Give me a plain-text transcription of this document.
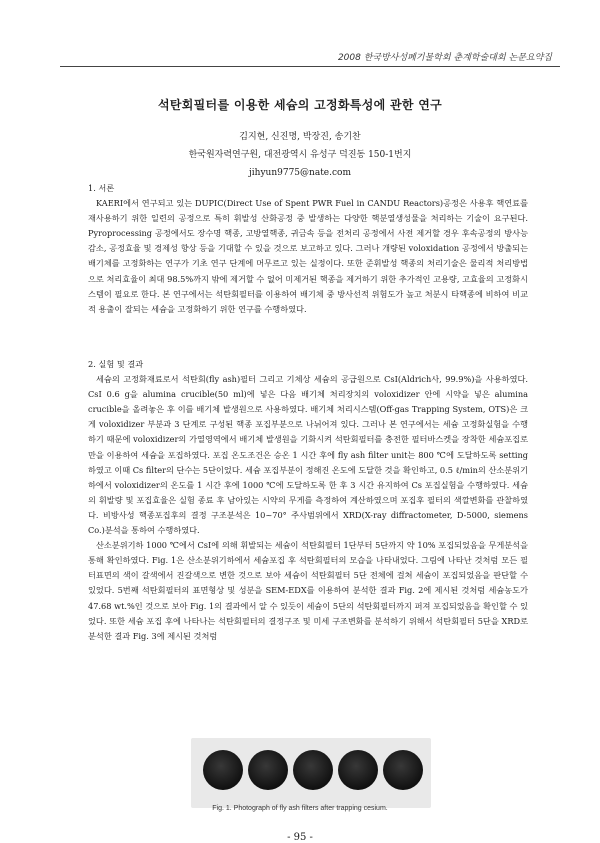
2008 한국방사성폐기물학회 춘계학술대회 논문요약집
석탄회필터를 이용한 세슘의 고정화특성에 관한 연구
김지현, 신진명, 박장진, 송기찬
한국원자력연구원, 대전광역시 유성구 덕진동 150-1번지
jihyun9775@nate.com

1. 서론

KAERI에서 연구되고 있는 DUPIC(Direct Use of Spent PWR Fuel in CANDU Reactors)공정은 사용후 핵연료를 재사용하기 위한 일련의 공정으로 특히 휘발성 산화공정 중 발생하는 다양한 핵분열생성물을 처리하는 기술이 요구된다. Pyroprocessing 공정에서도 장수명 핵종, 고방열핵종, 귀금속 등을 전처리 공정에서 사전 제거할 경우 후속공정의 방사능 감소, 공정효율 및 경제성 향상 등을 기대할 수 있을 것으로 보고하고 있다. 그러나 개량된 voloxidation 공정에서 방출되는 배기체를 고정화하는 연구가 기초 연구 단계에 머무르고 있는 실정이다. 또한 준휘발성 핵종의 처리기술은 물리적 처리방법으로 처리효율이 최대 98.5%까지 밖에 제거할 수 없어 미제거된 핵종을 제거하기 위한 추가적인 고용량, 고효율의 고정화시스템이 필요로 한다. 본 연구에서는 석탄회필터를 이용하여 배기체 중 방사선적 위험도가 높고 처분시 타핵종에 비하여 비교적 용출이 잘되는 세슘을 고정화하기 위한 연구를 수행하였다.

2. 실험 및 결과

세슘의 고정화재료로서 석탄회(fly ash)필터 그리고 기체상 세슘의 공급원으로 CsI(Aldrich사, 99.9%)을 사용하였다. CsI 0.6 g을 alumina crucible(50 ml)에 넣은 다음 배기체 처리장치의 voloxidizer 안에 시약을 넣은 alumina crucible을 올려놓은 후 이를 배기체 발생원으로 사용하였다. 배기체 처리시스템(Off-gas Trapping System, OTS)은 크게 voloxidizer 부분과 3 단계로 구성된 핵종 포집부분으로 나뉘어져 있다. 그러나 본 연구에서는 세슘 고정화실험을 수행하기 때문에 voloxidizer의 가열영역에서 배기체 발생원을 기화시켜 석탄회필터를 충전한 필터바스켓을 장착한 세슘포집로만을 이용하여 세슘을 포집하였다. 포집 온도조건은 승온 1 시간 후에 fly ash filter unit는 800 ℃에 도달하도록 setting하였고 이때 Cs filter의 단수는 5단이었다. 세슘 포집부분이 정해진 온도에 도달한 것을 확인하고, 0.5 ℓ/min의 산소분위기하에서 voloxidizer의 온도를 1 시간 후에 1000 ℃에 도달하도록 한 후 3 시간 유지하여 Cs 포집실험을 수행하였다. 세슘의 휘발량 및 포집효율은 실험 종료 후 남아있는 시약의 무게를 측정하여 계산하였으며 포집후 필터의 색깔변화를 관찰하였다. 비방사성 핵종포집후의 결정 구조분석은 10~70° 주사범위에서 XRD(X-ray diffractometer, D-5000, siemens Co.)분석을 통하여 수행하였다.

산소분위기하 1000 ℃에서 CsI에 의해 휘발되는 세슘이 석탄회필터 1단부터 5단까지 약 10% 포집되었음을 무게분석을 통해 확인하였다. Fig. 1은 산소분위기하에서 세슘포집 후 석탄회필터의 모습을 나타내었다. 그림에 나타난 것처럼 모든 필터표면의 색이 갈색에서 진갈색으로 변한 것으로 보아 세슘이 석탄회필터 5단 전체에 걸쳐 세슘이 포집되었음을 판단할 수 있었다. 5번째 석탄회필터의 표면형상 및 성분을 SEM-EDX를 이용하여 분석한 결과 Fig. 2에 제시된 것처럼 세슘농도가 47.68 wt.%인 것으로 보아 Fig. 1의 결과에서 알 수 있듯이 세슘이 5단의 석탄회필터까지 퍼져 포집되었음을 확인할 수 있었다. 또한 세슘 포집 후에 나타나는 석탄회필터의 결정구조 및 미세 구조변화를 분석하기 위해서 석탄회필터 5단을 XRD로 분석한 결과 Fig. 3에 제시된 것처럼

Fig. 1. Photograph of fly ash filters after trapping cesium.
- 95 -
